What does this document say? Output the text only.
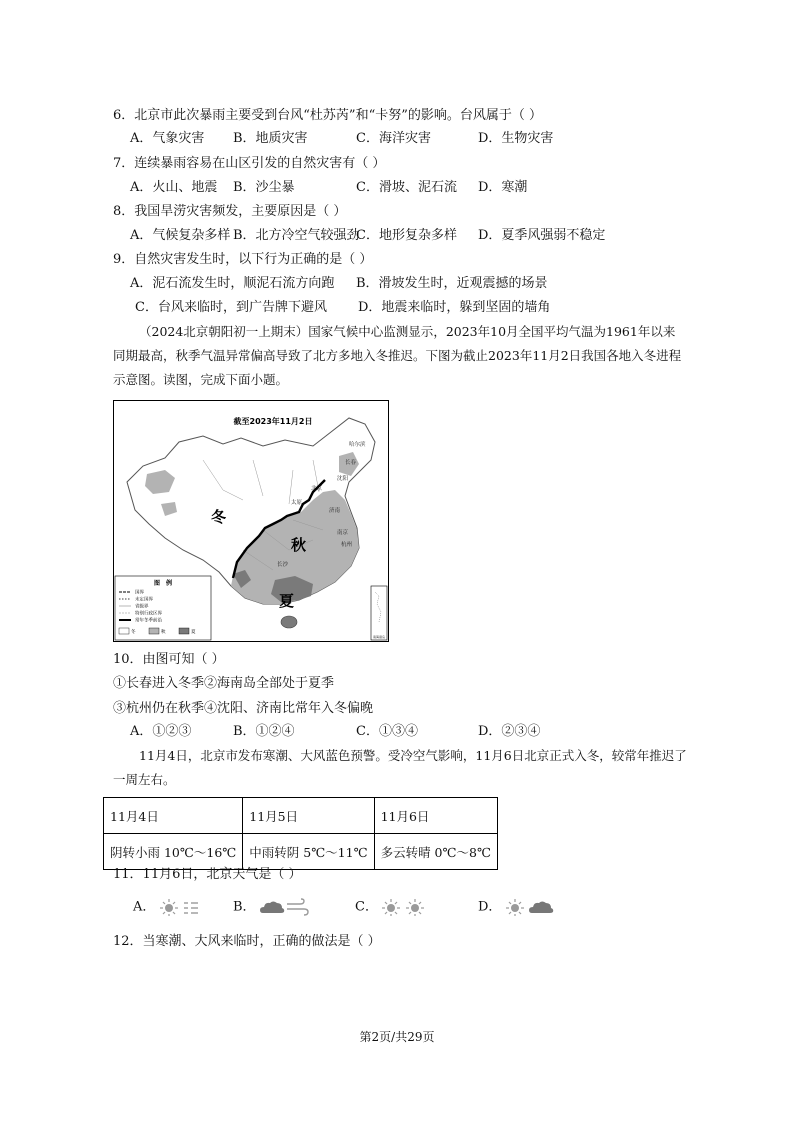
6．北京市此次暴雨主要受到台风“杜苏芮”和“卡努”的影响。台风属于（ ）
A．气象灾害 B．地质灾害	C．海洋灾害	D．生物灾害
7．连续暴雨容易在山区引发的自然灾害有（ ）
A．火山、地震 B．沙尘暴	C．滑坡、泥石流 D．寒潮
8．我国旱涝灾害频发，主要原因是（ ）
A．气候复杂多样 B．北方冷空气较强劲
C．地形复杂多样 D．夏季风强弱不稳定
9．自然灾害发生时，以下行为正确的是（ ）
A．泥石流发生时，顺泥石流方向跑 B．滑坡发生时，近观震撼的场景
C．台风来临时，到广告牌下避风 D．地震来临时，躲到坚固的墙角
（2024北京朝阳初一上期末）国家气候中心监测显示，2023年10月全国平均气温为1961年以来同期最高，秋季气温异常偏高导致了北方多地入冬推迟。下图为截止2023年11月2日我国各地入冬进程示意图。读图，完成下面小题。
截至2023年11月2日
冬
秋
夏
哈尔滨
长春
沈阳
北京
济南
太原
南京
杭州
长沙
图　例
国界
未定国界
省级界
特别行政区界
常年冬季前沿
冬	秋	夏
南海诸岛
10．由图可知（ ）
①长春进入冬季②海南岛全部处于夏季
③杭州仍在秋季④沈阳、济南比常年入冬偏晚
A．①②③	B．①②④	C．①③④	D．②③④
11月4日，北京市发布寒潮、大风蓝色预警。受冷空气影响，11月6日北京正式入冬，较常年推迟了一周左右。
11月4日	11月5日	11月6日
阴转小雨 10℃～16℃	中雨转阴 5℃～11℃	多云转晴 0℃～8℃
11．11月6日，北京天气是（ ）
A．	B．	C．	D．
12．当寒潮、大风来临时，正确的做法是（ ）
第2页/共29页
